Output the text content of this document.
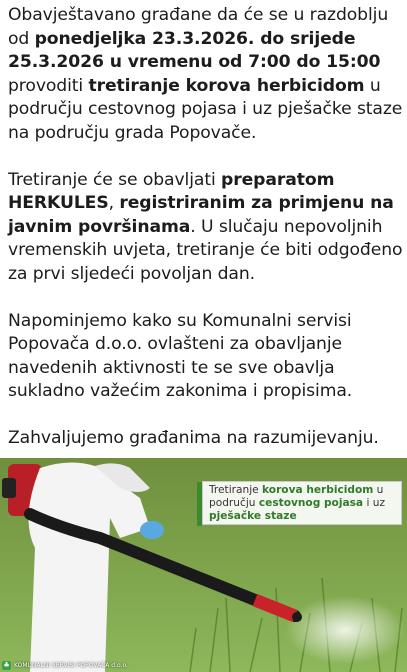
Obavještavano građane da će se u razdoblju od ponedjeljka 23.3.2026. do srijede 25.3.2026 u vremenu od 7:00 do 15:00 provoditi tretiranje korova herbicidom u području cestovnog pojasa i uz pješačke staze na području grada Popovače.

Tretiranje će se obavljati preparatom HERKULES, registriranim za primjenu na javnim površinama. U slučaju nepovoljnih vremenskih uvjeta, tretiranje će biti odgođeno za prvi sljedeći povoljan dan.

Napominjemo kako su Komunalni servisi Popovača d.o.o. ovlašteni za obavljanje navedenih aktivnosti te se sve obavlja sukladno važećim zakonima i propisima.

Zahvaljujemo građanima na razumijevanju.

Tretiranje korova herbicidom u području cestovnog pojasa i uz pješačke staze
♣ KOMUNALNI SERVISI POPOVAČA d.o.o.
